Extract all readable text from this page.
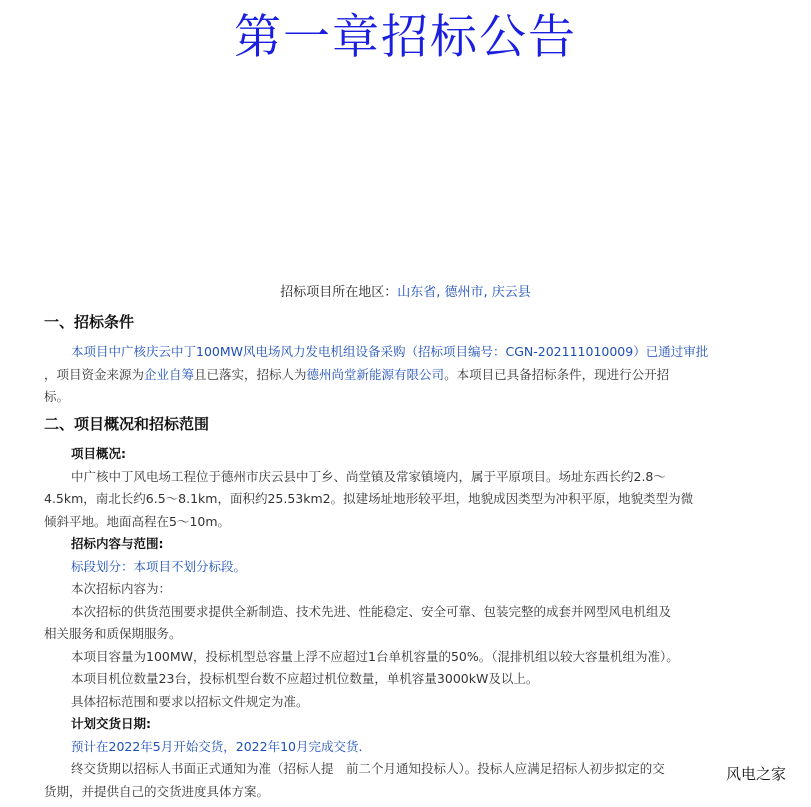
第一章招标公告
招标项目所在地区：山东省, 德州市, 庆云县
一、招标条件
本项目中广核庆云中丁100MW风电场风力发电机组设备采购（招标项目编号：CGN-202111010009）已通过审批
，项目资金来源为企业自筹且已落实，招标人为德州尚堂新能源有限公司。本项目已具备招标条件，现进行公开招
标。
二、项目概况和招标范围
项目概况:
中广核中丁风电场工程位于德州市庆云县中丁乡、尚堂镇及常家镇境内，属于平原项目。场址东西长约2.8～
4.5km，南北长约6.5～8.1km，面积约25.53km2。拟建场址地形较平坦，地貌成因类型为冲积平原，地貌类型为微
倾斜平地。地面高程在5～10m。
招标内容与范围:
标段划分：本项目不划分标段。
本次招标内容为：
本次招标的供货范围要求提供全新制造、技术先进、性能稳定、安全可靠、包装完整的成套并网型风电机组及
相关服务和质保期服务。
本项目容量为100MW，投标机型总容量上浮不应超过1台单机容量的50%。（混排机组以较大容量机组为准）。
本项目机位数量23台，投标机型台数不应超过机位数量，单机容量3000kW及以上。
具体招标范围和要求以招标文件规定为准。
计划交货日期:
预计在2022年5月开始交货，2022年10月完成交货.
终交货期以招标人书面正式通知为准（招标人提　前二个月通知投标人）。投标人应满足招标人初步拟定的交
货期，并提供自己的交货进度具体方案。
风电之家
